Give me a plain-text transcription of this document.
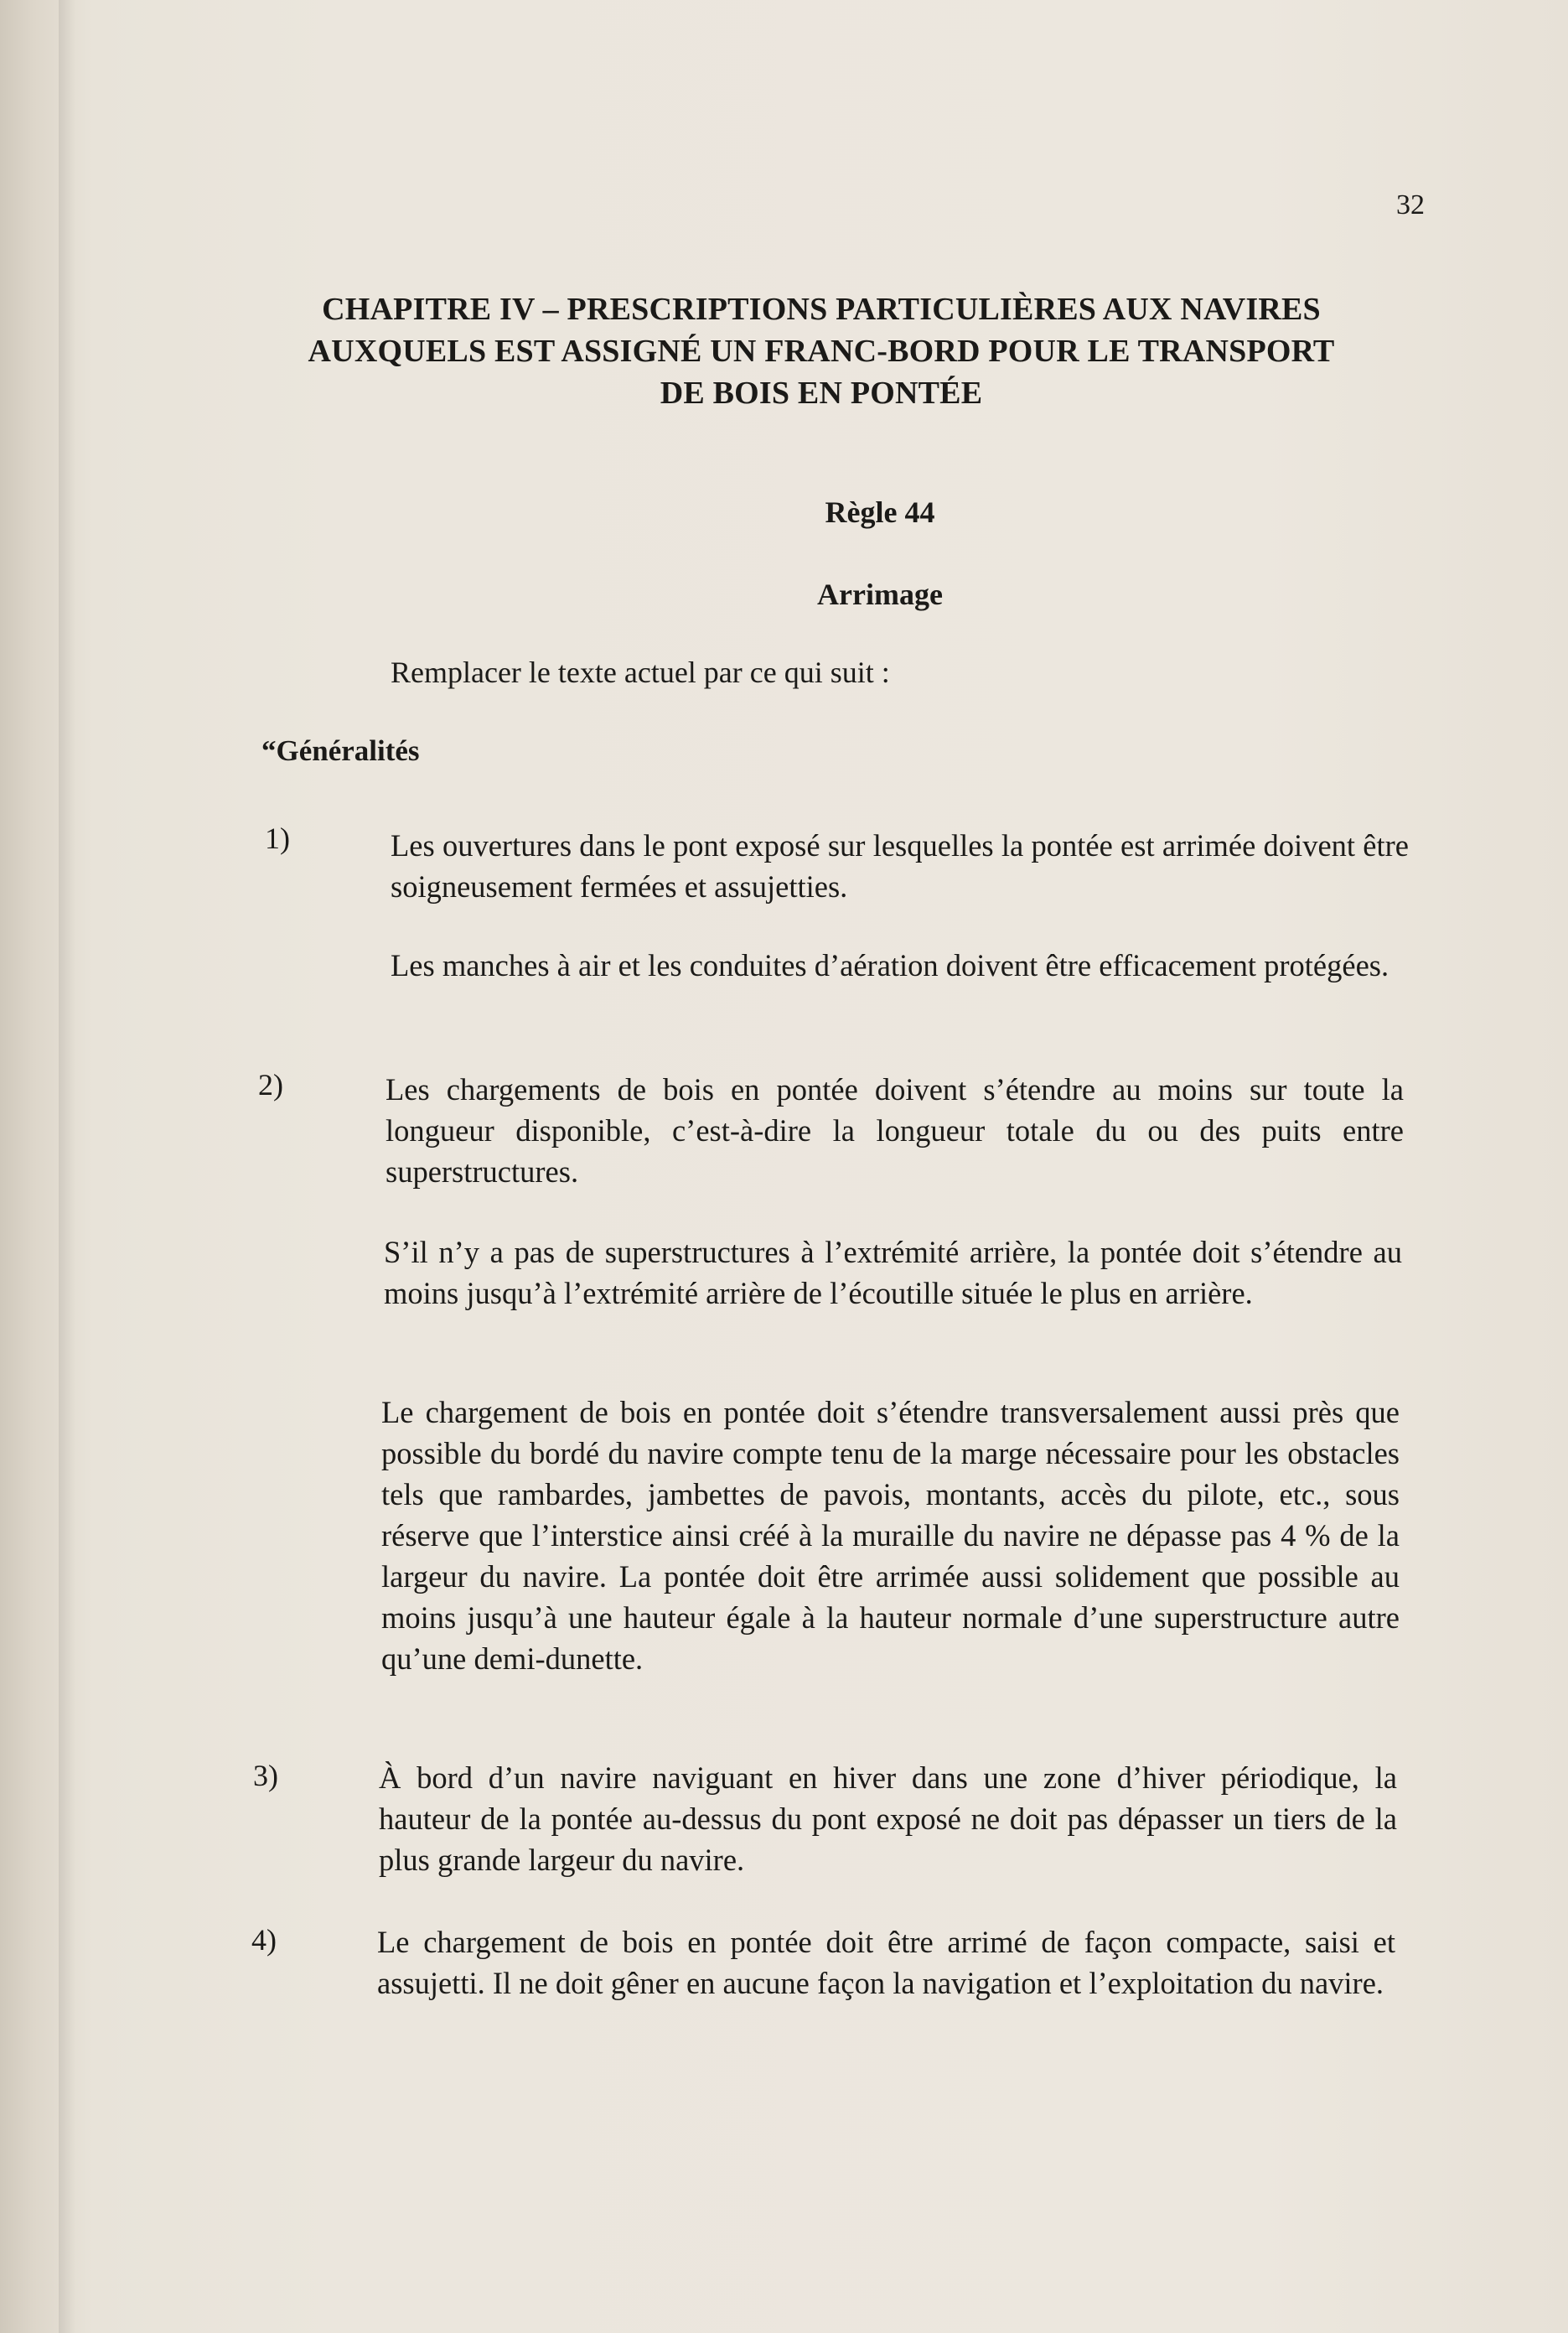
32
CHAPITRE IV – PRESCRIPTIONS PARTICULIÈRES AUX NAVIRES
AUXQUELS EST ASSIGNÉ UN FRANC-BORD POUR LE TRANSPORT
DE BOIS EN PONTÉE
Règle 44
Arrimage
Remplacer le texte actuel par ce qui suit :
“Généralités
1)	Les ouvertures dans le pont exposé sur lesquelles la pontée est arrimée doivent être soigneusement fermées et assujetties.
Les manches à air et les conduites d’aération doivent être efficacement protégées.
2)	Les chargements de bois en pontée doivent s’étendre au moins sur toute la longueur disponible, c’est-à-dire la longueur totale du ou des puits entre superstructures.
S’il n’y a pas de superstructures à l’extrémité arrière, la pontée doit s’étendre au moins jusqu’à l’extrémité arrière de l’écoutille située le plus en arrière.
Le chargement de bois en pontée doit s’étendre transversalement aussi près que possible du bordé du navire compte tenu de la marge nécessaire pour les obstacles tels que rambardes, jambettes de pavois, montants, accès du pilote, etc., sous réserve que l’interstice ainsi créé à la muraille du navire ne dépasse pas 4 % de la largeur du navire. La pontée doit être arrimée aussi solidement que possible au moins jusqu’à une hauteur égale à la hauteur normale d’une superstructure autre qu’une demi-dunette.
3)	À bord d’un navire naviguant en hiver dans une zone d’hiver périodique, la hauteur de la pontée au-dessus du pont exposé ne doit pas dépasser un tiers de la plus grande largeur du navire.
4)	Le chargement de bois en pontée doit être arrimé de façon compacte, saisi et assujetti. Il ne doit gêner en aucune façon la navigation et l’exploitation du navire.
